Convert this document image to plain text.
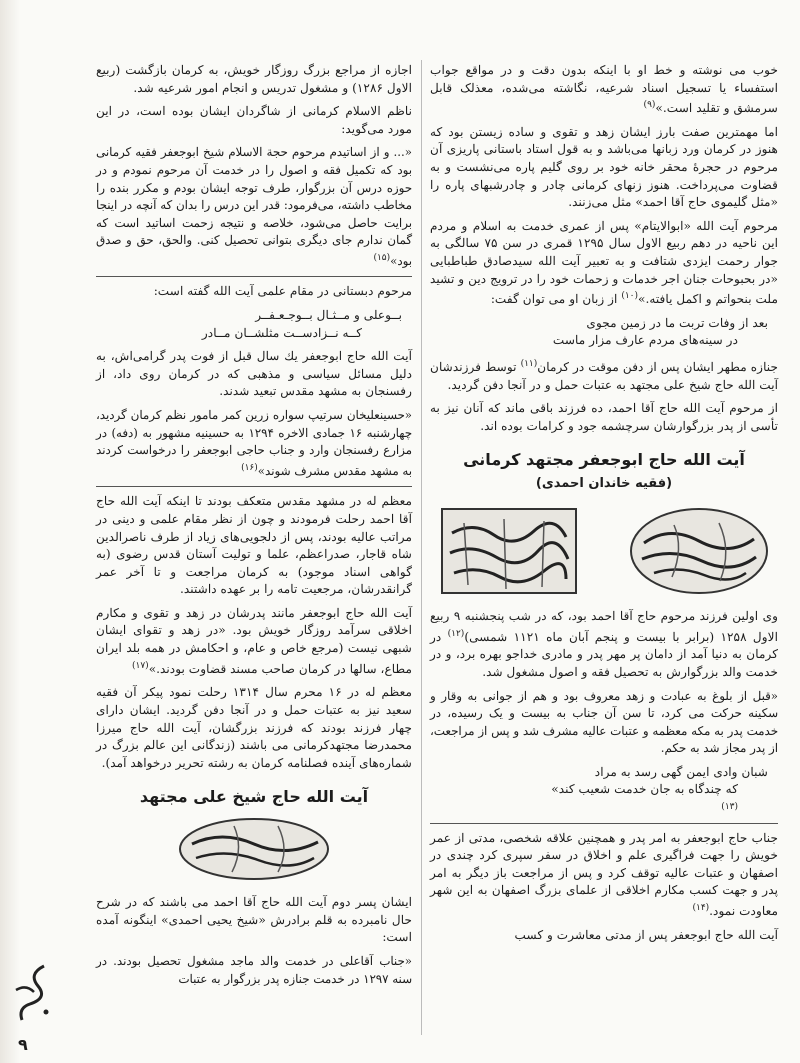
خوب می نوشته و خط او با اینکه بدون دقت و در مواقع جواب استفساء یا تسجیل اسناد شرعیه، نگاشته می‌شده، معذلک قابل سرمشق و تقلید است.»$^{(۹)}$

اما مهمترین صفت بارز ایشان زهد و تقوی و ساده زیستن بود که هنوز در کرمان ورد زبانها می‌باشد و به قول استاد باستانی پاریزی آن مرحوم در حجرهٔ محقر خانه خود بر روی گلیم پاره می‌نشست و به قضاوت می‌پرداخت. هنوز زنهای کرمانی چادر و چادرشبهای پاره را «مثل گلیموی حاج آقا احمد» مثل می‌زنند.

مرحوم آیت الله «ابوالایتام» پس از عمری خدمت به اسلام و مردم این ناحیه در دهم ربیع الاول سال ۱۲۹۵ قمری در سن ۷۵ سالگی به جوار رحمت ایزدی شتافت و به تعبیر آیت الله سیدصادق طباطبایی «در بحبوحات جنان اجر خدمات و زحمات خود را در ترویج دین و تشید ملت بنحواتم و اکمل یافته.»$^{(۱۰)}$ از زبان او می توان گفت:

بعد از وفات تربت ما در زمین مجوی
در سینه‌های مردم عارف مزار ماست

جنازه مطهر ایشان پس از دفن موقت در کرمان$^{(۱۱)}$ توسط فرزندشان آیت الله حاج شیخ علی مجتهد به عتبات حمل و در آنجا دفن گردید.

از مرحوم آیت الله حاج آقا احمد، ده فرزند باقی ماند که آنان نیز به تأسی از پدر بزرگوارشان سرچشمه جود و کرامات بوده اند.

آیت الله حاج ابوجعفر مجتهد کرمانی
(فقیه خاندان احمدی)

وی اولین فرزند مرحوم حاج آقا احمد بود، که در شب پنجشنبه ۹ ربیع الاول ۱۲۵۸ (برابر با بیست و پنجم آبان ماه ۱۱۲۱ شمسی)$^{(۱۲)}$ در کرمان به دنیا آمد از دامان پر مهر پدر و مادری خداجو بهره برد، و در خدمت والد بزرگوارش به تحصیل فقه و اصول مشغول شد.

«قبل از بلوغ به عبادت و زهد معروف بود و هم از جوانی به وقار و سکینه حرکت می کرد، تا سن آن جناب به بیست و یک رسیده، در خدمت پدر به مکه معظمه و عتبات عالیه مشرف شد و پس از مراجعت، از پدر مجاز شد به حکم.

شبان وادی ایمن گهی رسد به مراد
که چندگاه به جان خدمت شعیب کند»
(۱۳)

جناب حاج ابوجعفر به امر پدر و همچنین علاقه شخصی، مدتی از عمر خویش را جهت فراگیری علم و اخلاق در سفر سپری کرد چندی در اصفهان و عتبات عالیه توقف کرد و پس از مراجعت باز دیگر به امر پدر و جهت کسب مکارم اخلاقی از علمای بزرگ اصفهان به این شهر معاودت نمود.$^{(۱۴)}$

آیت الله حاج ابوجعفر پس از مدتی معاشرت و کسب

اجازه از مراجع بزرگ روزگار خویش، به کرمان بازگشت (ربیع الاول ۱۲۸۶) و مشغول تدریس و انجام امور شرعیه شد.

ناظم الاسلام کرمانی از شاگردان ایشان بوده است، در این مورد می‌گوید:

«... و از اساتیدم مرحوم حجة الاسلام شیخ ابوجعفر فقیه کرمانی بود که تکمیل فقه و اصول را در خدمت آن مرحوم نمودم و در حوزه درس آن بزرگوار، طرف توجه ایشان بودم و مکرر بنده را مخاطب داشته، می‌فرمود: قدر این درس را بدان که آنچه در اینجا برایت حاصل می‌شود، خلاصه و نتیجه زحمت اساتید است که گمان ندارم جای دیگری بتوانی تحصیل کنی. والحق، حق و صدق بود»$^{(۱۵)}$

مرحوم دبستانی در مقام علمی آیت الله گفته است:

بــوعلی و مــثـال بــوجـعـفــر
کــه نــزادســت مثلشــان مــادر

آیت الله حاج ابوجعفر یك سال قبل از فوت پدر گرامی‌اش، به دلیل مسائل سیاسی و مذهبی که در کرمان روی داد، از رفسنجان به مشهد مقدس تبعید شدند.

«حسینعلیخان سرتیپ سواره زرین کمر مامور نظم کرمان گردید، چهارشنبه ۱۶ جمادی الاخره ۱۲۹۴ به حسینیه مشهور به (دفه) در مزارع رفسنجان وارد و جناب حاجی ابوجعفر را درخواست کردند به مشهد مقدس مشرف شوند»$^{(۱۶)}$

معظم له در مشهد مقدس متعکف بودند تا اینکه آیت الله حاج آقا احمد رحلت فرمودند و چون از نظر مقام علمی و دینی در مراتب عالیه بودند، پس از دلجویی‌های زیاد از طرف ناصرالدین شاه قاجار، صدراعظم، علما و تولیت آستان قدس رضوی (به گواهی اسناد موجود) به کرمان مراجعت و تا آخر عمر گرانقدرشان، مرجعیت تامه را بر عهده داشتند.

آیت الله حاج ابوجعفر مانند پدرشان در زهد و تقوی و مکارم اخلاقی سرآمد روزگار خویش بود. «در زهد و تقوای ایشان شبهی نیست (مرجع خاص و عام، و احکامش در همه بلد ایران مطاع، سالها در کرمان صاحب مسند قضاوت بودند.»$^{(۱۷)}$

معظم له در ۱۶ محرم سال ۱۳۱۴ رحلت نمود پیکر آن فقیه سعید نیز به عتبات حمل و در آنجا دفن گردید. ایشان دارای چهار فرزند بودند که فرزند بزرگشان، آیت الله حاج میرزا محمدرضا مجتهدکرمانی می باشند (زندگانی این عالم بزرگ در شماره‌های آینده فصلنامه کرمان به رشته تحریر درخواهد آمد).

آیت الله حاج شیخ علی مجتهد

ایشان پسر دوم آیت الله حاج آقا احمد می باشند که در شرح حال نامبرده به قلم برادرش «شیخ یحیی احمدی» اینگونه آمده است:

«جناب آقاعلی در خدمت والد ماجد مشغول تحصیل بودند. در سنه ۱۲۹۷ در خدمت جنازه پدر بزرگوار به عتبات

۹
